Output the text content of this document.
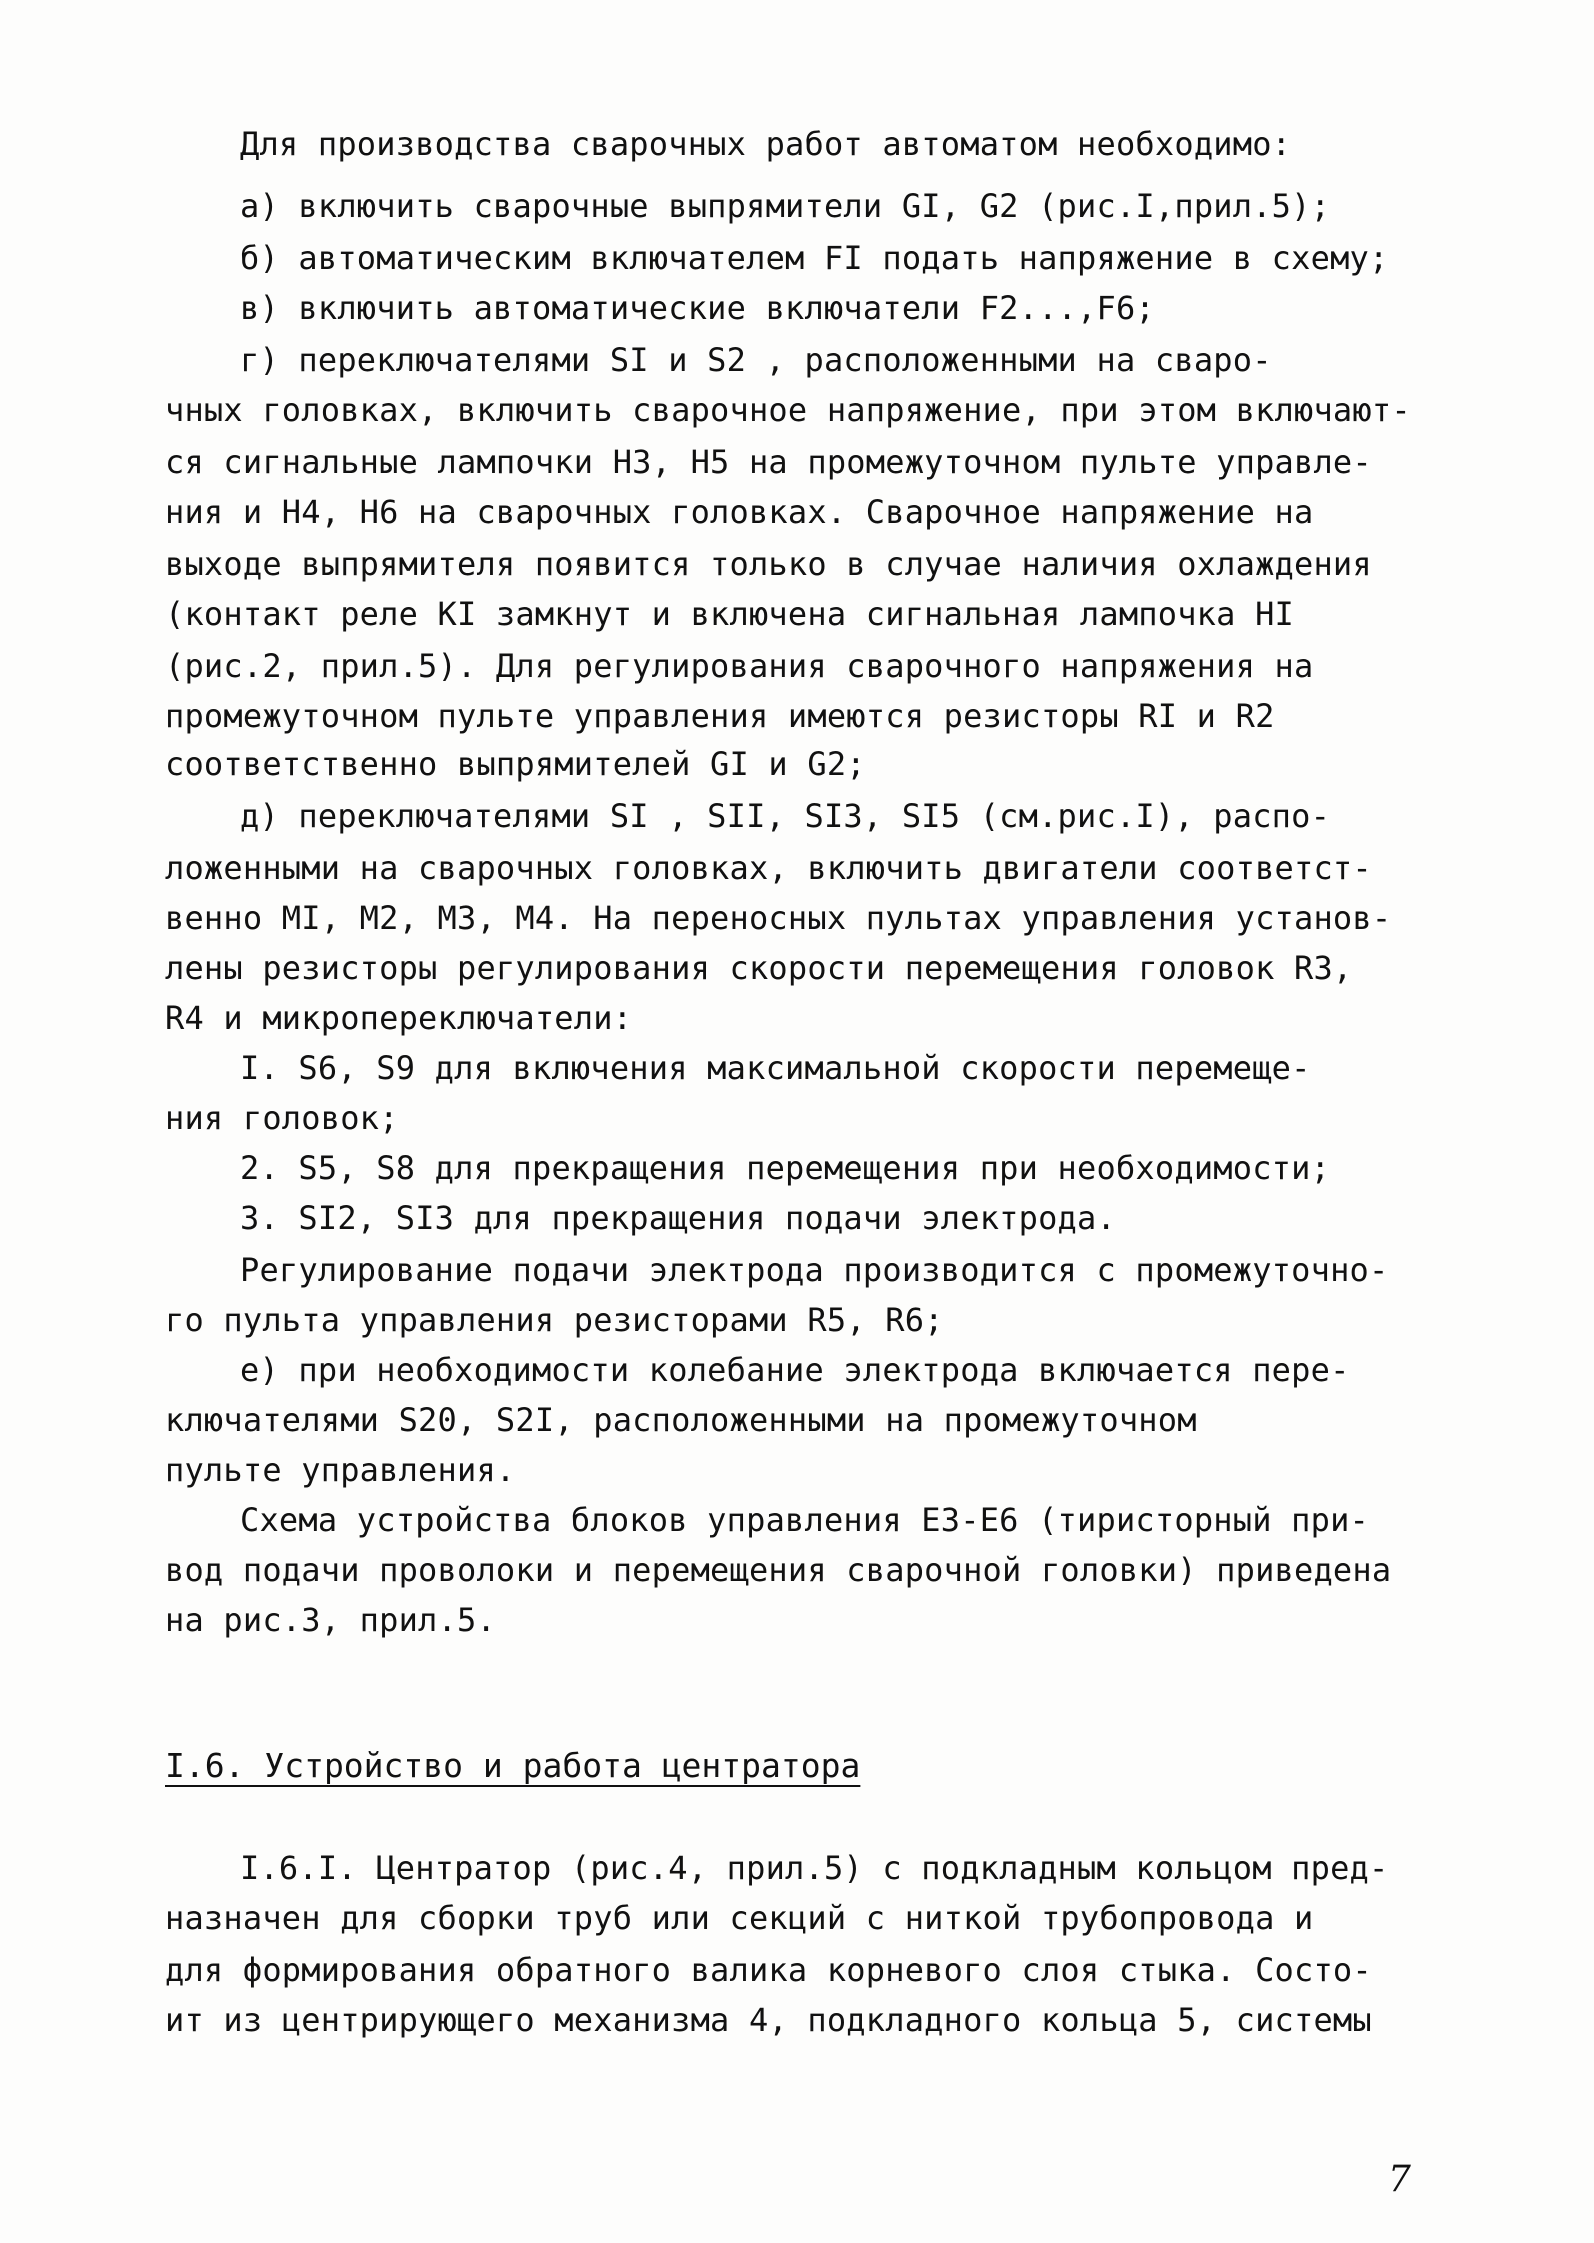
Для производства сварочных работ автоматом необходимо:
а) включить сварочные выпрямители GI, G2 (рис.I,прил.5);
б) автоматическим включателем FI подать напряжение в схему;
в) включить автоматические включатели F2...,F6;
г) переключателями SI и S2 , расположенными на сваро-
чных головках, включить сварочное напряжение, при этом включают-
ся сигнальные лампочки Н3, Н5 на промежуточном пульте управле-
ния и Н4, Н6 на сварочных головках. Сварочное напряжение на
выходе выпрямителя появится только в случае наличия охлаждения
(контакт реле KI замкнут и включена сигнальная лампочка НI
(рис.2, прил.5). Для регулирования сварочного напряжения на
промежуточном пульте управления имеются резисторы RI и R2
соответственно выпрямителей GI и G2;
д) переключателями SI , SII, SI3, SI5 (см.рис.I), распо-
ложенными на сварочных головках, включить двигатели соответст-
венно MI, M2, M3, M4. На переносных пультах управления установ-
лены резисторы регулирования скорости перемещения головок R3,
R4 и микропереключатели:
I. S6, S9 для включения максимальной скорости перемеще-
ния головок;
2. S5, S8 для прекращения перемещения при необходимости;
3. SI2, SI3 для прекращения подачи электрода.
Регулирование подачи электрода производится с промежуточно-
го пульта управления резисторами R5, R6;
е) при необходимости колебание электрода включается пере-
ключателями S20, S2I, расположенными на промежуточном
пульте управления.
Схема устройства блоков управления Е3-Е6 (тиристорный при-
вод подачи проволоки и перемещения сварочной головки) приведена
на рис.3, прил.5.
I.6. Устройство и работа центратора
I.6.I. Центратор (рис.4, прил.5) с подкладным кольцом пред-
назначен для сборки труб или секций с ниткой трубопровода и
для формирования обратного валика корневого слоя стыка. Состо-
ит из центрирующего механизма 4, подкладного кольца 5, системы
7
